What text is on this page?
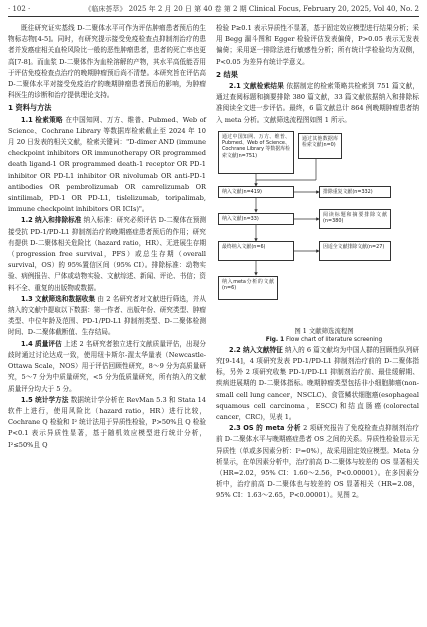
· 102 ·	《临床荟萃》 2025 年 2 月 20 日 第 40 卷 第 2 期 Clinical Focus, February 20, 2025, Vol 40, No. 2

既往研究证实基线 D-二聚体水平可作为评估肿瘤患者预后的生物标志物[4-5]。同时，有研究提示接受免疫检查点抑制剂治疗的患者并发癌症相关血栓风险比一般的恶性肿瘤患者，患者的死亡率也更高[7-8]。而血浆 D-二聚体作为血栓溶解的产物，其水平高低能否用于评估免疫检查点治疗的晚期肿瘤预后尚不清楚。本研究旨在评估高 D-二聚体水平对接受免疫治疗的晚期肿瘤患者预后的影响，为肿瘤科医生的诊断和治疗提供理论支持。

1 资料与方法

1.1 检索策略 在中国知网、万方、维普、Pubmed、Web of Science、Cochrane Library 等数据库检索截止至 2024 年 10 月 20 日发表的相关文献，检索关键词："D-dimer AND (immune checkpoint inhibitors OR immunotherapy OR programmed death ligand-1 OR programmed death-1 receptor OR PD-1 inhibitor OR PD-L1 inhibitor OR nivolumab OR anti-PD-1 antibodies OR pembrolizumab OR camrelizumab OR sintilimab, PD-1 OR PD-L1, tislelizumab, toripalimab, immune checkpoint inhibitors OR ICIs)"。

1.2 纳入和排除标准 纳入标准：研究必须评估 D-二聚体在预测接受抗 PD-1/PD-L1 抑制剂治疗的晚期癌症患者预后的作用；研究有提供 D-二聚体相关危险比（hazard ratio，HR）、无进展生存期（progression free survival，PFS）或总生存期（overall survival，OS）的 95%置信区间（95% CI）。排除标准：动物实验、病例报告、尸体或动物实验、文献综述、新闻、评论、书信；资料不全、重复的出版物或数据。

1.3 文献筛选和数据收集 由 2 名研究者对文献进行筛选，并从纳入的文献中提取以下数据：第一作者、出版年份、研究类型、肿瘤类型、中位年龄及范围、PD-1/PD-L1 抑制剂类型、D-二聚体检测时间、D-二聚体截断值、生存结局。

1.4 质量评估 上述 2 名研究者独立进行文献质量评估，出现分歧时通过讨论达成一致，使用纽卡斯尔-渥太华量表（Newcastle-Ottawa Scale，NOS）用于评估回顾性研究，8～9 分为高质量研究，5～7 分为中质量研究，<5 分为低质量研究，所有纳入的文献质量评分均大于 5 分。

1.5 统计学方法 数据统计学分析在 RevMan 5.3 和 Stata 14 软件上进行，使用风险比（hazard ratio，HR）进行比较，Cochrane Q 检验和 I² 统计法用于异质性检验，P>50%且 Q 检验 P<0.1 表示异质性显著，基于随机效应模型进行统计分析，I²≤50%且 Q

检验 P≥0.1 表示异质性不显著，基于固定效应模型进行结果分析；采用 Begg 漏斗图和 Egger 检验评估发表偏倚，P>0.05 表示无发表偏倚；采用逐一排除法进行敏感性分析；所有统计学检验均为双侧，P<0.05 为差异有统计学意义。

2 结果

2.1 文献检索结果 依据制定的检索策略共检索到 751 篇文献，通过查阅标题和摘要排除 380 篇文献，33 篇文献依据纳入和排除标准阅读全文进一步评估。最终，6 篇文献总计 864 例晚期肿瘤患者纳入 meta 分析。文献筛选流程图如图 1 所示。

通过中国知网、万方、维普、Pubmed、Web of Science、Cochrane Library 等数据库检索文献(n=751)
通过其他数据库检索文献(n=0)
纳入文献(n=419)	排除重复文献(n=332)
纳入文献(n=33)
阅读标题和摘要排除文献(n=380)
最终纳入文献(n=6)	因适全文献排除文献(n=27)
纳入meta分析的文献(n=6)

图 1 文献筛选流程图

Fig. 1 Flow chart of literature screening

2.2 纳入文献特征 纳入的 6 篇文献均为中国人群的回顾性队列研究[9-14]，4 项研究发表 PD-1/PD-L1 抑制剂治疗前的 D-二聚体指标，另外 2 项研究收集 PD-1/PD-L1 抑制剂治疗前、最佳缓解期、疾病进展期的 D-二聚体指标。晚期肿瘤类型包括非小细胞肺癌(non-small cell lung cancer，NSCLC)、食管鳞状细胞癌(esophageal squamous cell carcinoma，ESCC)和结直肠癌(colorectal cancer，CRC)，见表 1。

2.3 OS 的 meta 分析 2 项研究报告了免疫检查点抑制剂治疗前 D-二聚体水平与晚期癌症患者 OS 之间的关系。异质性检验显示无异质性（单或多因素分析：I²=0%），故采用固定效应模型。Meta 分析显示，在单因素分析中，治疗前高 D-二聚体与较差的 OS 显著相关（HR=2.02，95% CI：1.60～2.56，P<0.00001）。在多因素分析中，治疗前高 D-二聚体也与较差的 OS 显著相关（HR=2.08，95% CI：1.63～2.65，P<0.00001）。见图 2。
